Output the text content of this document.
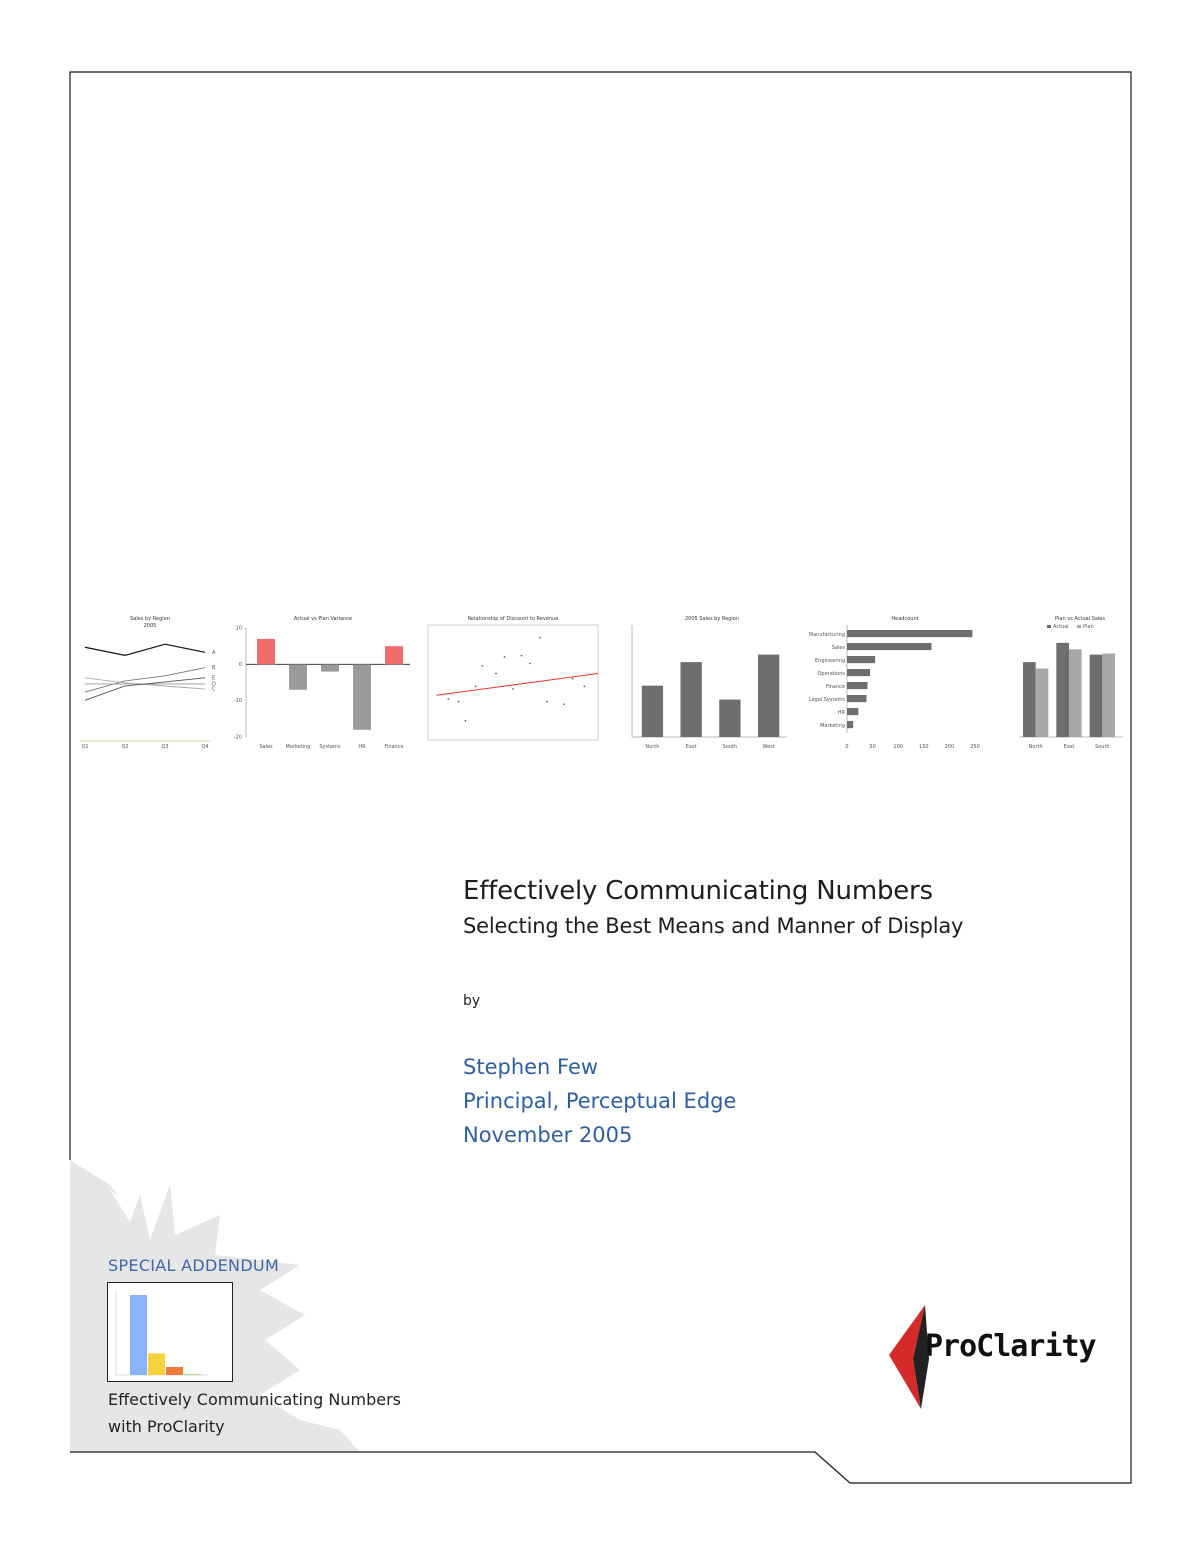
Sales by Region
2005
A
B
C
D
E
Q1	Q2	Q3	Q4
Actual vs Plan Variance
Sales	Marketing Systems	HR	Finance
-20
-10
0
10
Relationship of Discount to Revenue	2005 Sales by Region
North	East	South	West
Headcount
Manufacturing
Sales
Engineering
Operations
Finance
Legal Systems
HR
Marketing
0	50	100	150	200	250
Plan vs Actual Sales
Actual	Plan
North	East	South
Effectively Communicating Numbers
Selecting the Best Means and Manner of Display
by
Stephen Few
Principal, Perceptual Edge
November 2005
SPECIAL ADDENDUM
Effectively Communicating Numbers
with ProClarity
ProClarity
